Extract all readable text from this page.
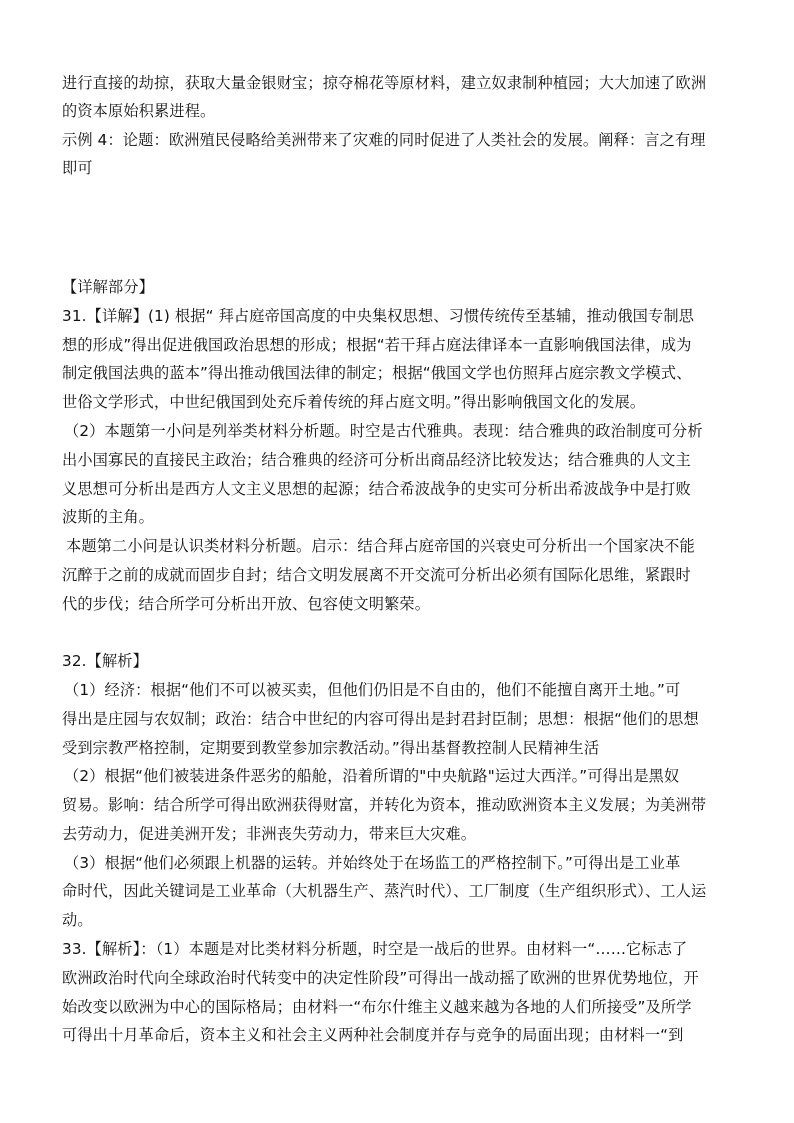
进行直接的劫掠，获取大量金银财宝；掠夺棉花等原材料，建立奴隶制种植园；大大加速了欧洲
的资本原始积累进程。
示例 4：论题：欧洲殖民侵略给美洲带来了灾难的同时促进了人类社会的发展。阐释：言之有理
即可
【详解部分】
31.【详解】(1) 根据“ 拜占庭帝国高度的中央集权思想、习惯传统传至基辅，推动俄国专制思
想的形成”得出促进俄国政治思想的形成；根据“若干拜占庭法律译本一直影响俄国法律，成为
制定俄国法典的蓝本”得出推动俄国法律的制定；根据“俄国文学也仿照拜占庭宗教文学模式、
世俗文学形式，中世纪俄国到处充斥着传统的拜占庭文明。”得出影响俄国文化的发展。
（2）本题第一小问是列举类材料分析题。时空是古代雅典。表现：结合雅典的政治制度可分析
出小国寡民的直接民主政治；结合雅典的经济可分析出商品经济比较发达；结合雅典的人文主
义思想可分析出是西方人文主义思想的起源；结合希波战争的史实可分析出希波战争中是打败
波斯的主角。
本题第二小问是认识类材料分析题。启示：结合拜占庭帝国的兴衰史可分析出一个国家决不能
沉醉于之前的成就而固步自封；结合文明发展离不开交流可分析出必须有国际化思维，紧跟时
代的步伐；结合所学可分析出开放、包容使文明繁荣。
32.【解析】
（1）经济：根据“他们不可以被买卖，但他们仍旧是不自由的，他们不能擅自离开土地。”可
得出是庄园与农奴制；政治：结合中世纪的内容可得出是封君封臣制；思想：根据“他们的思想
受到宗教严格控制，定期要到教堂参加宗教活动。”得出基督教控制人民精神生活
（2）根据“他们被装进条件恶劣的船舱，沿着所谓的"中央航路"运过大西洋。”可得出是黑奴
贸易。影响：结合所学可得出欧洲获得财富，并转化为资本，推动欧洲资本主义发展；为美洲带
去劳动力，促进美洲开发；非洲丧失劳动力，带来巨大灾难。
（3）根据“他们必须跟上机器的运转。并始终处于在场监工的严格控制下。”可得出是工业革
命时代，因此关键词是工业革命（大机器生产、蒸汽时代）、工厂制度（生产组织形式）、工人运
动。
33.【解析】：（1）本题是对比类材料分析题，时空是一战后的世界。由材料一“……它标志了
欧洲政治时代向全球政治时代转变中的决定性阶段”可得出一战动摇了欧洲的世界优势地位，开
始改变以欧洲为中心的国际格局；由材料一“布尔什维主义越来越为各地的人们所接受”及所学
可得出十月革命后，资本主义和社会主义两种社会制度并存与竞争的局面出现；由材料一“到
